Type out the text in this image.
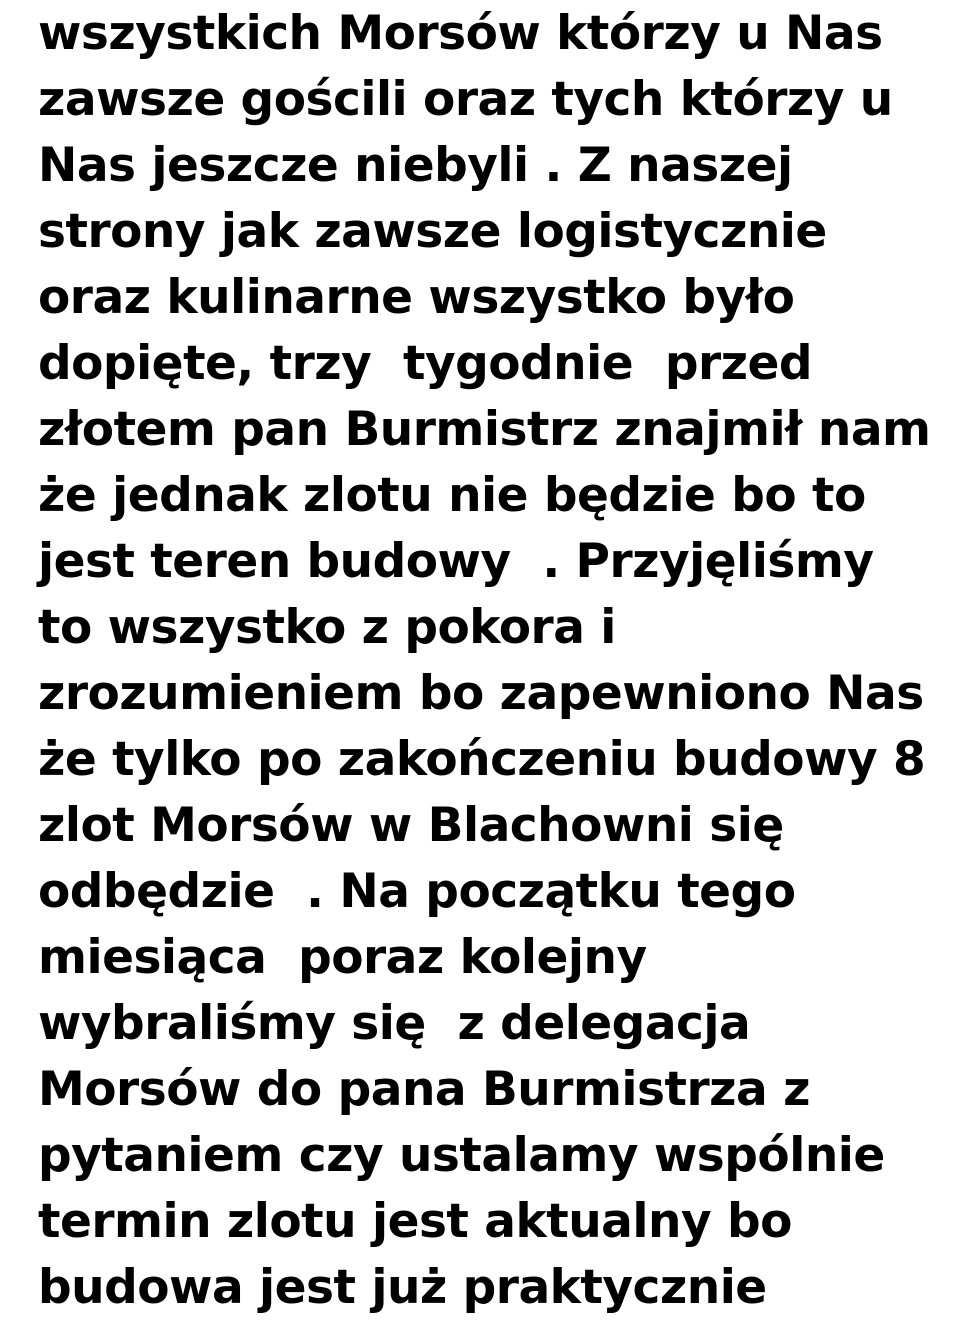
wszystkich Morsów którzy u Nas
zawsze gościli oraz tych którzy u
Nas jeszcze niebyli . Z naszej
strony jak zawsze logistycznie
oraz kulinarne wszystko było
dopięte, trzy  tygodnie  przed
złotem pan Burmistrz znajmił nam
że jednak zlotu nie będzie bo to
jest teren budowy  . Przyjęliśmy
to wszystko z pokora i
zrozumieniem bo zapewniono Nas
że tylko po zakończeniu budowy 8
zlot Morsów w Blachowni się
odbędzie  . Na początku tego
miesiąca  poraz kolejny
wybraliśmy się  z delegacja
Morsów do pana Burmistrza z
pytaniem czy ustalamy wspólnie
termin zlotu jest aktualny bo
budowa jest już praktycznie
